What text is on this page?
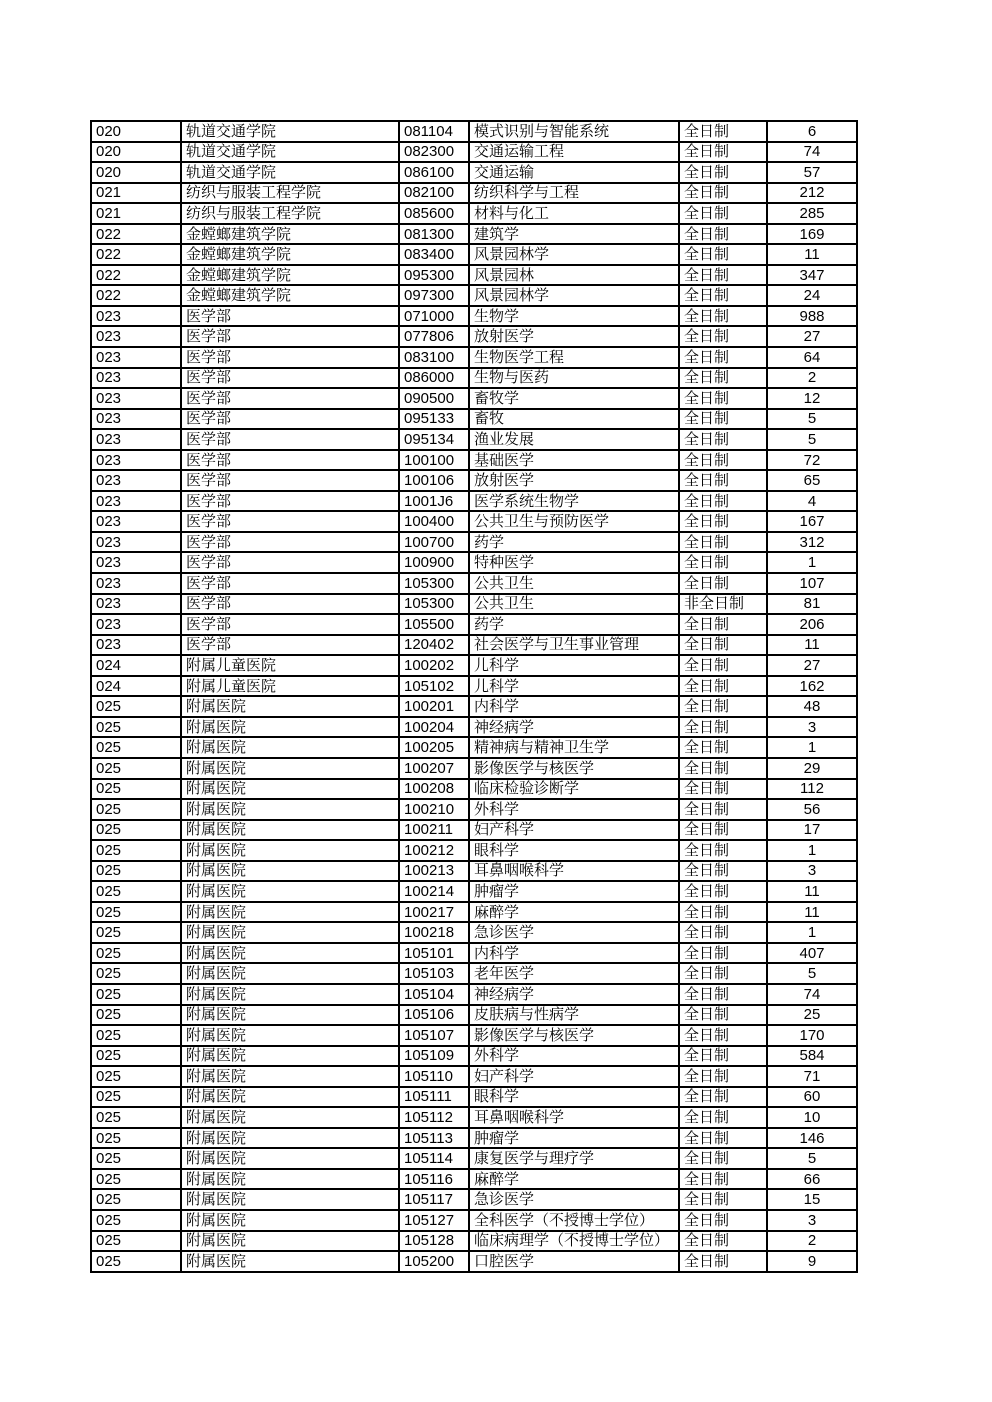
020	轨道交通学院	081104	模式识别与智能系统	全日制	6
020	轨道交通学院	082300	交通运输工程	全日制	74
020	轨道交通学院	086100	交通运输	全日制	57
021	纺织与服装工程学院	082100	纺织科学与工程	全日制	212
021	纺织与服装工程学院	085600	材料与化工	全日制	285
022	金螳螂建筑学院	081300	建筑学	全日制	169
022	金螳螂建筑学院	083400	风景园林学	全日制	11
022	金螳螂建筑学院	095300	风景园林	全日制	347
022	金螳螂建筑学院	097300	风景园林学	全日制	24
023	医学部	071000	生物学	全日制	988
023	医学部	077806	放射医学	全日制	27
023	医学部	083100	生物医学工程	全日制	64
023	医学部	086000	生物与医药	全日制	2
023	医学部	090500	畜牧学	全日制	12
023	医学部	095133	畜牧	全日制	5
023	医学部	095134	渔业发展	全日制	5
023	医学部	100100	基础医学	全日制	72
023	医学部	100106	放射医学	全日制	65
023	医学部	1001J6	医学系统生物学	全日制	4
023	医学部	100400	公共卫生与预防医学	全日制	167
023	医学部	100700	药学	全日制	312
023	医学部	100900	特种医学	全日制	1
023	医学部	105300	公共卫生	全日制	107
023	医学部	105300	公共卫生	非全日制	81
023	医学部	105500	药学	全日制	206
023	医学部	120402	社会医学与卫生事业管理	全日制	11
024	附属儿童医院	100202	儿科学	全日制	27
024	附属儿童医院	105102	儿科学	全日制	162
025	附属医院	100201	内科学	全日制	48
025	附属医院	100204	神经病学	全日制	3
025	附属医院	100205	精神病与精神卫生学	全日制	1
025	附属医院	100207	影像医学与核医学	全日制	29
025	附属医院	100208	临床检验诊断学	全日制	112
025	附属医院	100210	外科学	全日制	56
025	附属医院	100211	妇产科学	全日制	17
025	附属医院	100212	眼科学	全日制	1
025	附属医院	100213	耳鼻咽喉科学	全日制	3
025	附属医院	100214	肿瘤学	全日制	11
025	附属医院	100217	麻醉学	全日制	11
025	附属医院	100218	急诊医学	全日制	1
025	附属医院	105101	内科学	全日制	407
025	附属医院	105103	老年医学	全日制	5
025	附属医院	105104	神经病学	全日制	74
025	附属医院	105106	皮肤病与性病学	全日制	25
025	附属医院	105107	影像医学与核医学	全日制	170
025	附属医院	105109	外科学	全日制	584
025	附属医院	105110	妇产科学	全日制	71
025	附属医院	105111	眼科学	全日制	60
025	附属医院	105112	耳鼻咽喉科学	全日制	10
025	附属医院	105113	肿瘤学	全日制	146
025	附属医院	105114	康复医学与理疗学	全日制	5
025	附属医院	105116	麻醉学	全日制	66
025	附属医院	105117	急诊医学	全日制	15
025	附属医院	105127	全科医学（不授博士学位）	全日制	3
025	附属医院	105128	临床病理学（不授博士学位）	全日制	2
025	附属医院	105200	口腔医学	全日制	9
